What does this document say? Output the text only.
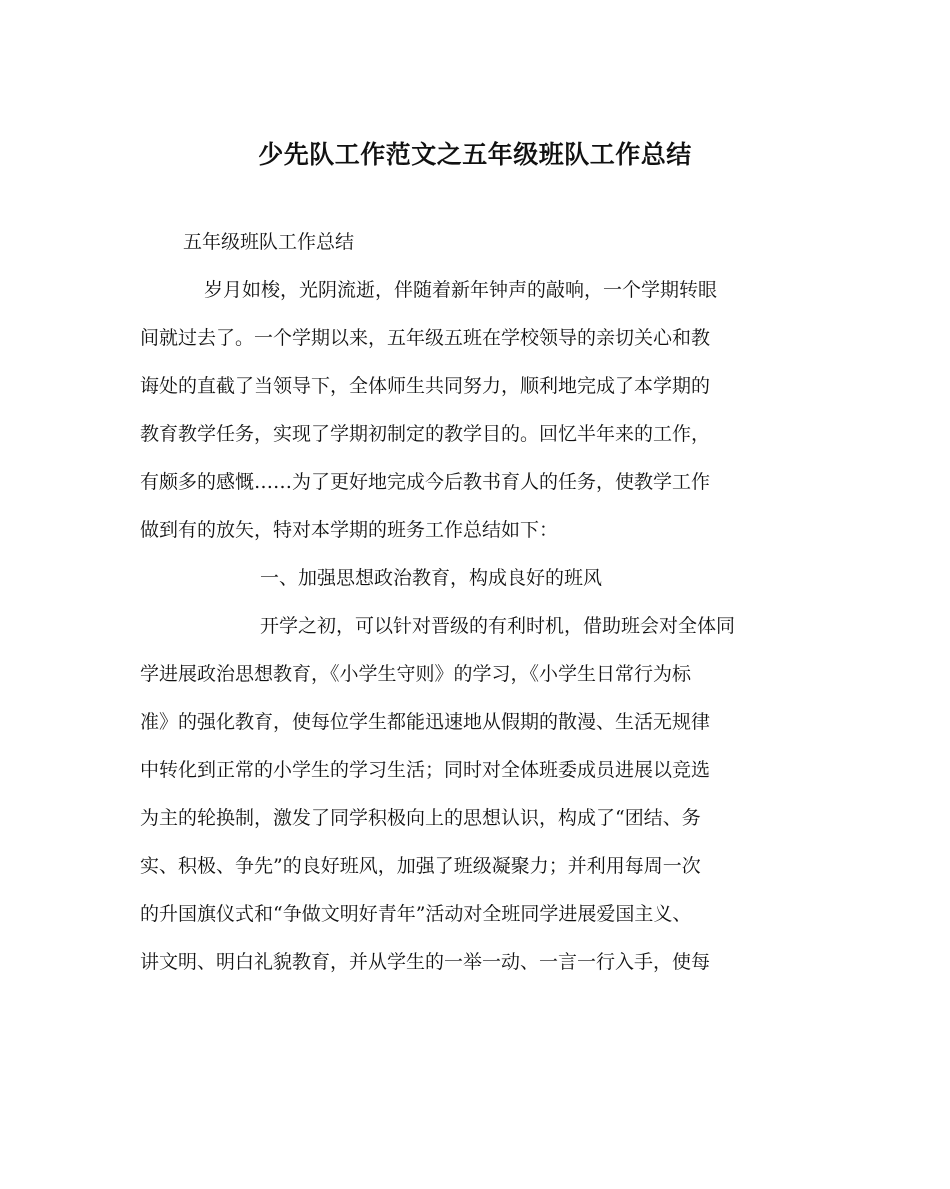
少先队工作范文之五年级班队工作总结
五年级班队工作总结
岁月如梭，光阴流逝，伴随着新年钟声的敲响，一个学期转眼
间就过去了。一个学期以来，五年级五班在学校领导的亲切关心和教
诲处的直截了当领导下，全体师生共同努力，顺利地完成了本学期的
教育教学任务，实现了学期初制定的教学目的。回忆半年来的工作，
有颇多的感慨……为了更好地完成今后教书育人的任务，使教学工作
做到有的放矢，特对本学期的班务工作总结如下：
一、加强思想政治教育，构成良好的班风
开学之初，可以针对晋级的有利时机，借助班会对全体同
学进展政治思想教育，《小学生守则》的学习，《小学生日常行为标
准》的强化教育，使每位学生都能迅速地从假期的散漫、生活无规律
中转化到正常的小学生的学习生活；同时对全体班委成员进展以竞选
为主的轮换制，激发了同学积极向上的思想认识，构成了“团结、务
实、积极、争先”的良好班风，加强了班级凝聚力；并利用每周一次
的升国旗仪式和“争做文明好青年”活动对全班同学进展爱国主义、
讲文明、明白礼貌教育，并从学生的一举一动、一言一行入手，使每
